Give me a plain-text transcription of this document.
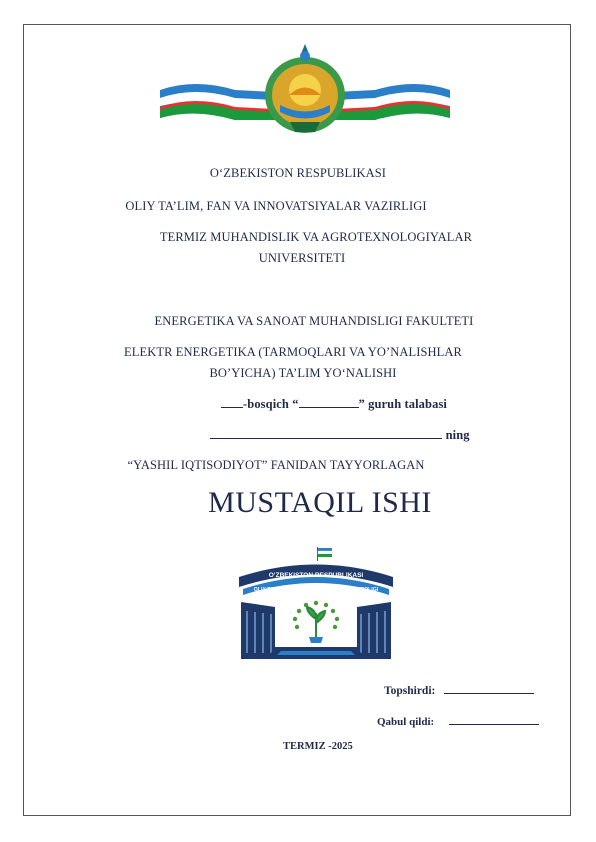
O‘ZBEKISTON RESPUBLIKASI
OLIY TA’LIM, FAN VA INNOVATSIYALAR VAZIRLIGI
TERMIZ MUHANDISLIK VA AGROTEXNOLOGIYALAR
UNIVERSITETI
ENERGETIKA VA SANOAT MUHANDISLIGI FAKULTETI
ELEKTR ENERGETIKA (TARMOQLARI VA YO’NALISHLAR
BO’YICHA) TA’LIM YO‘NALISHI
-bosqich “	” guruh talabasi
ning
“YASHIL IQTISODIYOT” FANIDAN TAYYORLAGAN
MUSTAQIL ISHI
O’ZBEKISTON RESPUBLIKASI
OLIY TA’LIM, FAN VA INNOVATSIYALAR VAZIRLIGI
Topshirdi:
Qabul qildi:
TERMIZ -2025
